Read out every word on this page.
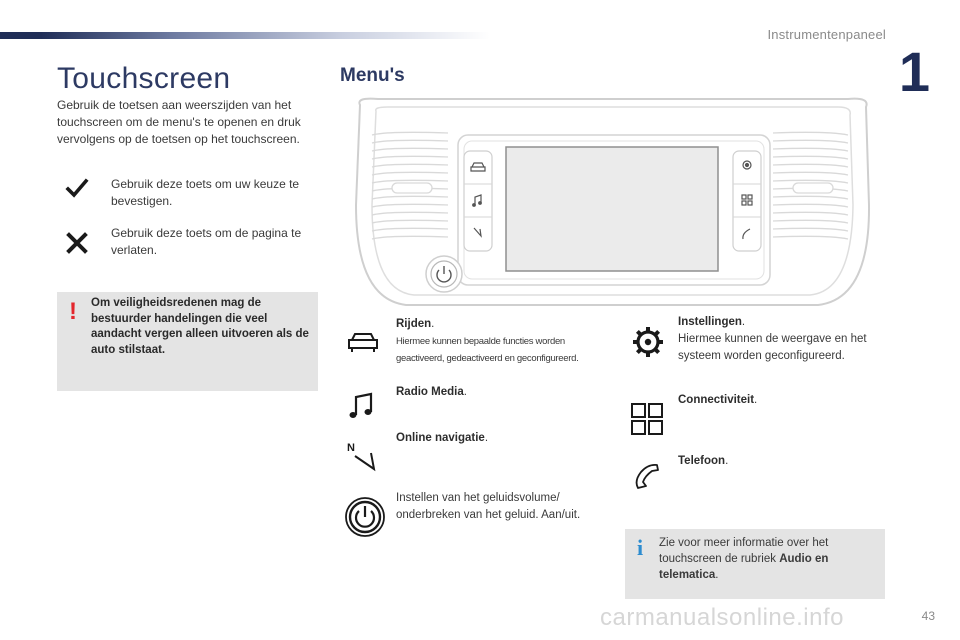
Instrumentenpaneel
1
Touchscreen

Gebruik de toetsen aan weerszijden van het touchscreen om de menu's te openen en druk vervolgens op de toetsen op het touchscreen.

Gebruik deze toets om uw keuze te bevestigen.
Gebruik deze toets om de pagina te verlaten.
! Om veiligheidsredenen mag de bestuurder handelingen die veel aandacht vergen alleen uitvoeren als de auto stilstaat.
Menu's
Rijden.
Hiermee kunnen bepaalde functies worden geactiveerd, gedeactiveerd en geconfigureerd.
Radio Media.
N
Online navigatie.
Instellen van het geluidsvolume/ onderbreken van het geluid. Aan/uit.
Instellingen.
Hiermee kunnen de weergave en het systeem worden geconfigureerd.
Connectiviteit.
Telefoon.
i Zie voor meer informatie over het touchscreen de rubriek Audio en telematica.
carmanualsonline.info	43
